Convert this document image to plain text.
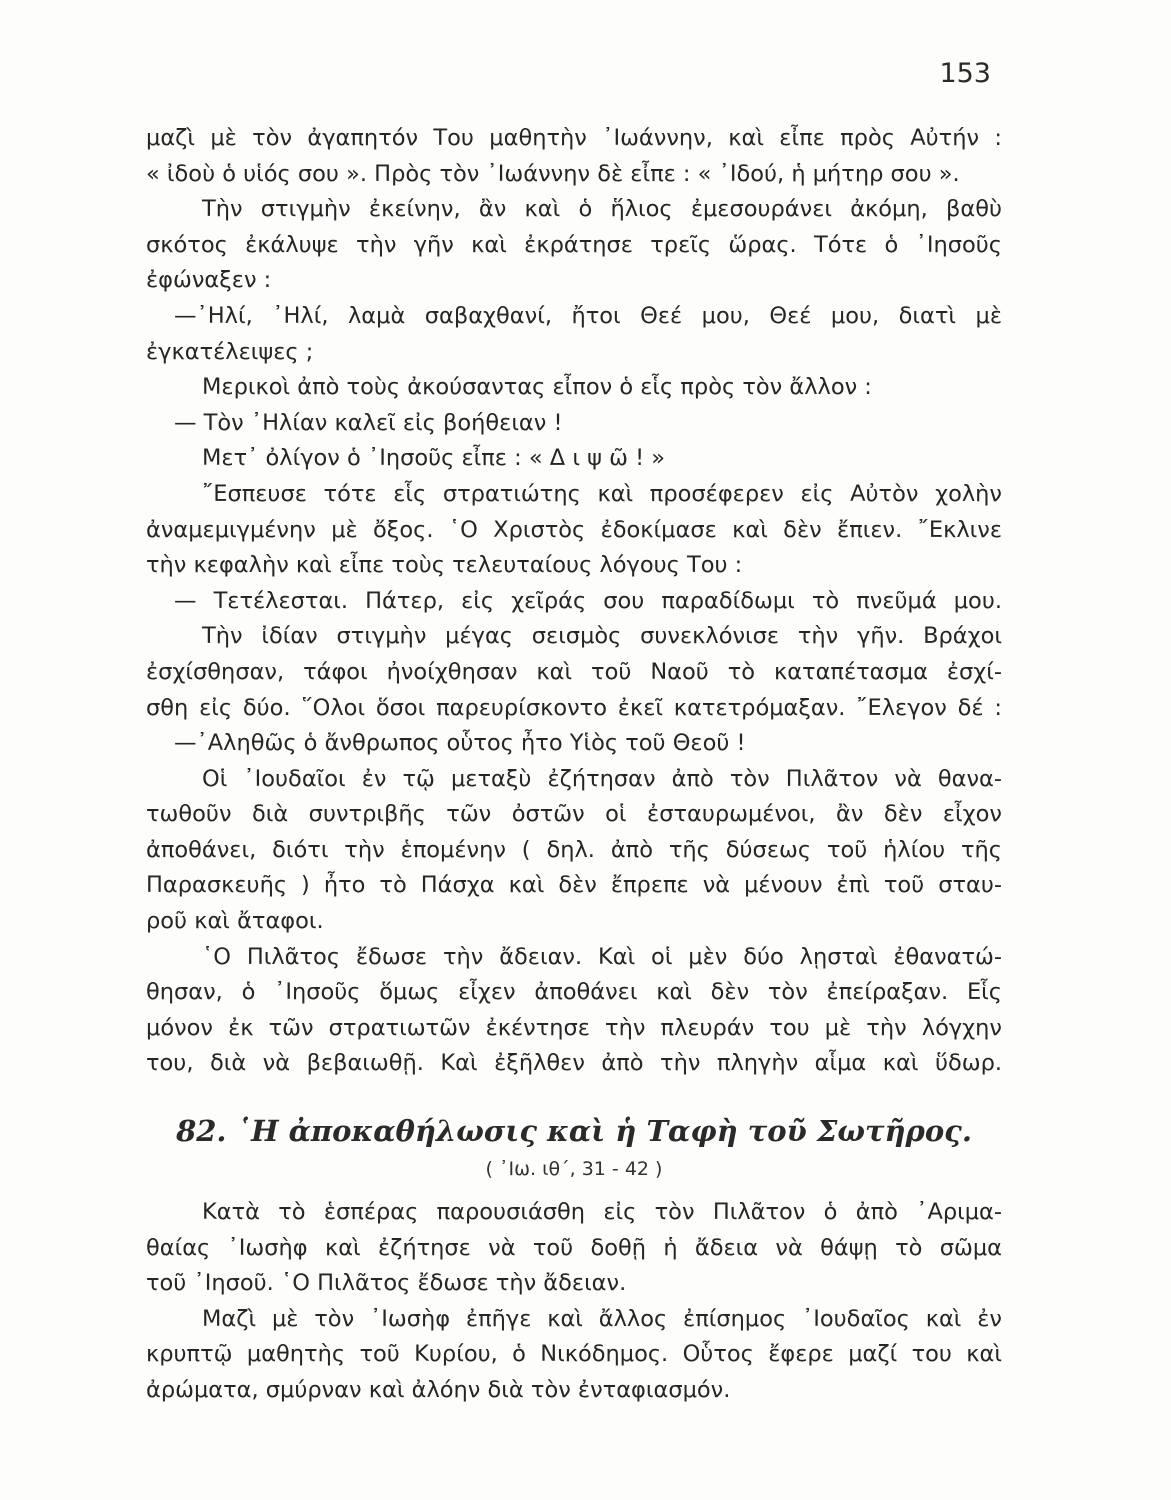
153
μαζὶ μὲ τὸν ἀγαπητόν Του μαθητὴν ᾿Ιωάννην, καὶ εἶπε πρὸς Αὐτήν :
« ἰδοὺ ὁ υἱός σου ». Πρὸς τὸν ᾿Ιωάννην δὲ εἶπε : « ᾿Ιδού, ἡ μήτηρ σου ».
Τὴν στιγμὴν ἐκείνην, ἂν καὶ ὁ ἥλιος ἐμεσουράνει ἀκόμη, βαθὺ
σκότος ἐκάλυψε τὴν γῆν καὶ ἐκράτησε τρεῖς ὥρας. Τότε ὁ ᾿Ιησοῦς
ἐφώναξεν :
—᾿Ηλί, ᾿Ηλί, λαμὰ σαβαχθανί, ἤτοι Θεέ μου, Θεέ μου, διατὶ μὲ
ἐγκατέλειψες ;
Μερικοὶ ἀπὸ τοὺς ἀκούσαντας εἶπον ὁ εἷς πρὸς τὸν ἄλλον :
— Τὸν ᾿Ηλίαν καλεῖ εἰς βοήθειαν !
Μετ᾿ ὀλίγον ὁ ᾿Ιησοῦς εἶπε : « Δ ι ψ ῶ ! »
῎Εσπευσε τότε εἷς στρατιώτης καὶ προσέφερεν εἰς Αὐτὸν χολὴν
ἀναμεμιγμένην μὲ ὄξος. ῾Ο Χριστὸς ἐδοκίμασε καὶ δὲν ἔπιεν. ῎Εκλινε
τὴν κεφαλὴν καὶ εἶπε τοὺς τελευταίους λόγους Του :
— Τετέλεσται. Πάτερ, εἰς χεῖράς σου παραδίδωμι τὸ πνεῦμά μου.
Τὴν ἰδίαν στιγμὴν μέγας σεισμὸς συνεκλόνισε τὴν γῆν. Βράχοι
ἐσχίσθησαν, τάφοι ἠνοίχθησαν καὶ τοῦ Ναοῦ τὸ καταπέτασμα ἐσχί-
σθη εἰς δύο. ῞Ολοι ὅσοι παρευρίσκοντο ἐκεῖ κατετρόμαξαν. ῎Ελεγον δέ :
—᾿Αληθῶς ὁ ἄνθρωπος οὗτος ἦτο Υἱὸς τοῦ Θεοῦ !
Οἱ ᾿Ιουδαῖοι ἐν τῷ μεταξὺ ἐζήτησαν ἀπὸ τὸν Πιλᾶτον νὰ θανα-
τωθοῦν διὰ συντριβῆς τῶν ὀστῶν οἱ ἐσταυρωμένοι, ἂν δὲν εἶχον
ἀποθάνει, διότι τὴν ἑπομένην ( δηλ. ἀπὸ τῆς δύσεως τοῦ ἡλίου τῆς
Παρασκευῆς ) ἦτο τὸ Πάσχα καὶ δὲν ἔπρεπε νὰ μένουν ἐπὶ τοῦ σταυ-
ροῦ καὶ ἄταφοι.
῾Ο Πιλᾶτος ἔδωσε τὴν ἄδειαν. Καὶ οἱ μὲν δύο λῃσταὶ ἐθανατώ-
θησαν, ὁ ᾿Ιησοῦς ὅμως εἶχεν ἀποθάνει καὶ δὲν τὸν ἐπείραξαν. Εἷς
μόνον ἐκ τῶν στρατιωτῶν ἐκέντησε τὴν πλευράν του μὲ τὴν λόγχην
του, διὰ νὰ βεβαιωθῇ. Καὶ ἐξῆλθεν ἀπὸ τὴν πληγὴν αἷμα καὶ ὕδωρ.
82. ῾Η ἀποκαθήλωσις καὶ ἡ Ταφὴ τοῦ Σωτῆρος.
( ᾿Ιω. ιθ΄, 31 - 42 )
Κατὰ τὸ ἑσπέρας παρουσιάσθη εἰς τὸν Πιλᾶτον ὁ ἀπὸ ᾿Αριμα-
θαίας ᾿Ιωσὴφ καὶ ἐζήτησε νὰ τοῦ δοθῇ ἡ ἄδεια νὰ θάψῃ τὸ σῶμα
τοῦ ᾿Ιησοῦ. ῾Ο Πιλᾶτος ἔδωσε τὴν ἄδειαν.
Μαζὶ μὲ τὸν ᾿Ιωσὴφ ἐπῆγε καὶ ἄλλος ἐπίσημος ᾿Ιουδαῖος καὶ ἐν
κρυπτῷ μαθητὴς τοῦ Κυρίου, ὁ Νικόδημος. Οὗτος ἔφερε μαζί του καὶ
ἀρώματα, σμύρναν καὶ ἀλόην διὰ τὸν ἐνταφιασμόν.
